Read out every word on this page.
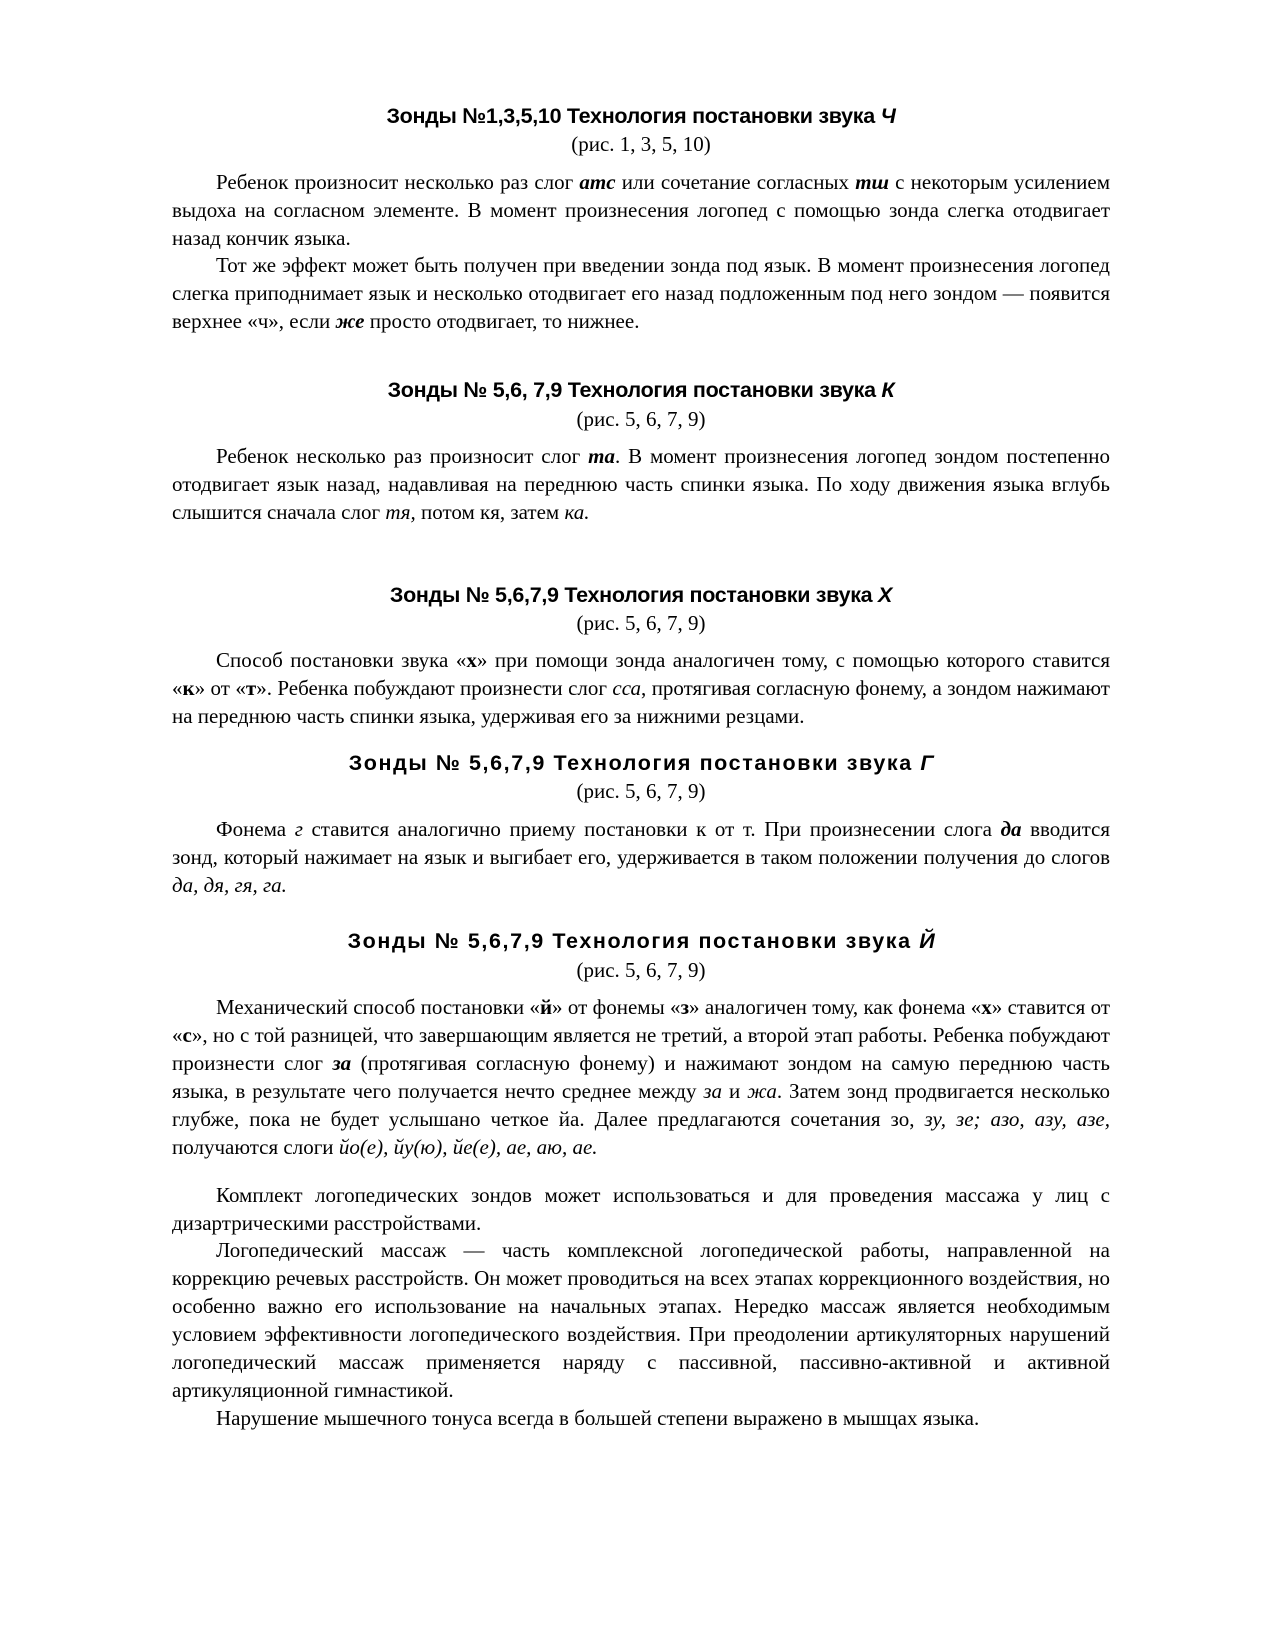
Зонды №1,3,5,10 Технология постановки звука Ч
(рис. 1, 3, 5, 10)

Ребенок произносит несколько раз слог атс или сочетание согласных тш с некоторым усилением выдоха на согласном элементе. В момент произнесения логопед с помощью зонда слегка отодвигает назад кончик языка.

Тот же эффект может быть получен при введении зонда под язык. В момент произнесения логопед слегка приподнимает язык и несколько отодвигает его назад подложенным под него зондом — появится верхнее «ч», если же просто отодвигает, то нижнее.

Зонды № 5,6, 7,9 Технология постановки звука К
(рис. 5, 6, 7, 9)

Ребенок несколько раз произносит слог та. В момент произнесения логопед зондом постепенно отодвигает язык назад, надавливая на переднюю часть спинки языка. По ходу движения языка вглубь слышится сначала слог тя, потом кя, затем ка.

Зонды № 5,6,7,9 Технология постановки звука Х
(рис. 5, 6, 7, 9)

Способ постановки звука «х» при помощи зонда аналогичен тому, с помощью которого ставится «к» от «т». Ребенка побуждают произнести слог сса, протягивая согласную фонему, а зондом нажимают на переднюю часть спинки языка, удерживая его за нижними резцами.

Зонды № 5,6,7,9 Технология постановки звука Г
(рис. 5, 6, 7, 9)

Фонема г ставится аналогично приему постановки к от т. При произнесении слога да вводится зонд, который нажимает на язык и выгибает его, удерживается в таком положении получения до слогов да, дя, гя, га.

Зонды № 5,6,7,9 Технология постановки звука Й
(рис. 5, 6, 7, 9)

Механический способ постановки «й» от фонемы «з» аналогичен тому, как фонема «х» ставится от «с», но с той разницей, что завершающим является не третий, а второй этап работы. Ребенка побуждают произнести слог за (протягивая согласную фонему) и нажимают зондом на самую переднюю часть языка, в результате чего получается нечто среднее между за и жа. Затем зонд продвигается несколько глубже, пока не будет услышано четкое йа. Далее предлагаются сочетания зо, зу, зе; азо, азу, азе, получаются слоги йо(е), йу(ю), йе(е), ае, аю, ае.

Комплект логопедических зондов может использоваться и для проведения массажа у лиц с дизартрическими расстройствами.

Логопедический массаж — часть комплексной логопедической работы, направленной на коррекцию речевых расстройств. Он может проводиться на всех этапах коррекционного воздействия, но особенно важно его использование на начальных этапах. Нередко массаж является необходимым условием эффективности логопедического воздействия. При преодолении артикуляторных нарушений логопедический массаж применяется наряду с пассивной, пассивно-активной и активной артикуляционной гимнастикой.

Нарушение мышечного тонуса всегда в большей степени выражено в мышцах языка.
